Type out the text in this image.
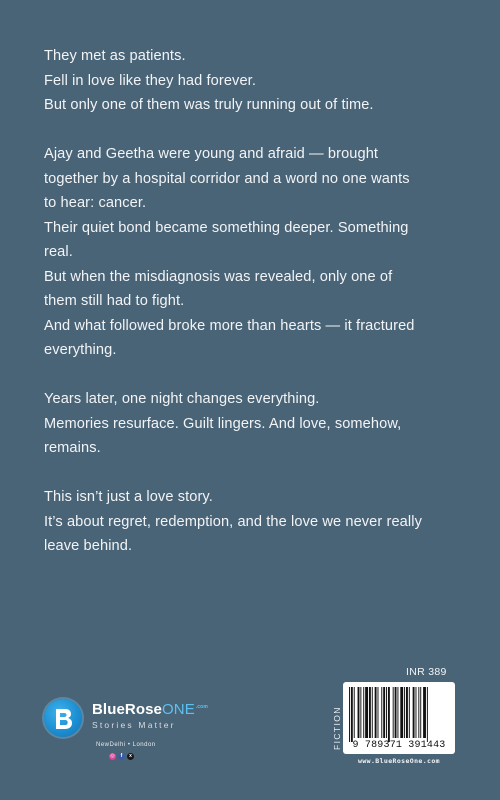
They met as patients.
Fell in love like they had forever.
But only one of them was truly running out of time.
Ajay and Geetha were young and afraid — brought
together by a hospital corridor and a word no one wants
to hear: cancer.
Their quiet bond became something deeper. Something
real.
But when the misdiagnosis was revealed, only one of
them still had to fight.
And what followed broke more than hearts — it fractured
everything.
Years later, one night changes everything.
Memories resurface. Guilt lingers. And love, somehow,
remains.
This isn’t just a love story.
It’s about regret, redemption, and the love we never really
leave behind.
BlueRoseONE$^{.com}$
Stories Matter
NewDelhi • London
◎	f	x
INR 389
FICTION	9 789371 391443
www.BlueRoseOne.com
